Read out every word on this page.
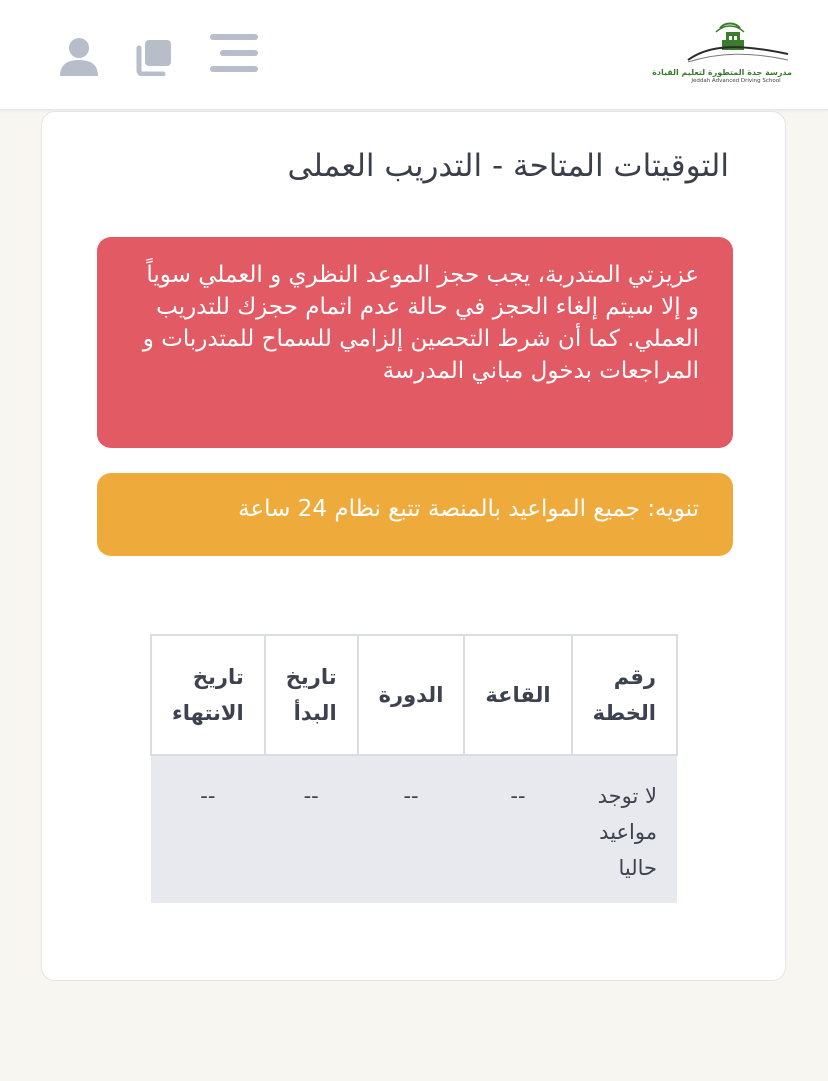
مدرسة جدة المتطورة لتعليم القيادة
Jeddah Advanced Driving School
التوقيتات المتاحة - التدريب العملى
عزيزتي المتدربة، يجب حجز الموعد النظري و العملي سوياً و إلا سيتم إلغاء الحجز في حالة عدم اتمام حجزك للتدريب العملي. كما أن شرط التحصين إلزامي للسماح للمتدربات و المراجعات بدخول مباني المدرسة
تنويه: جميع المواعيد بالمنصة تتبع نظام 24 ساعة
رقم الخطة	القاعة	الدورة	تاريخ البدأ	تاريخ الانتهاء
لا توجد مواعيد حاليا	--	--	--	--
